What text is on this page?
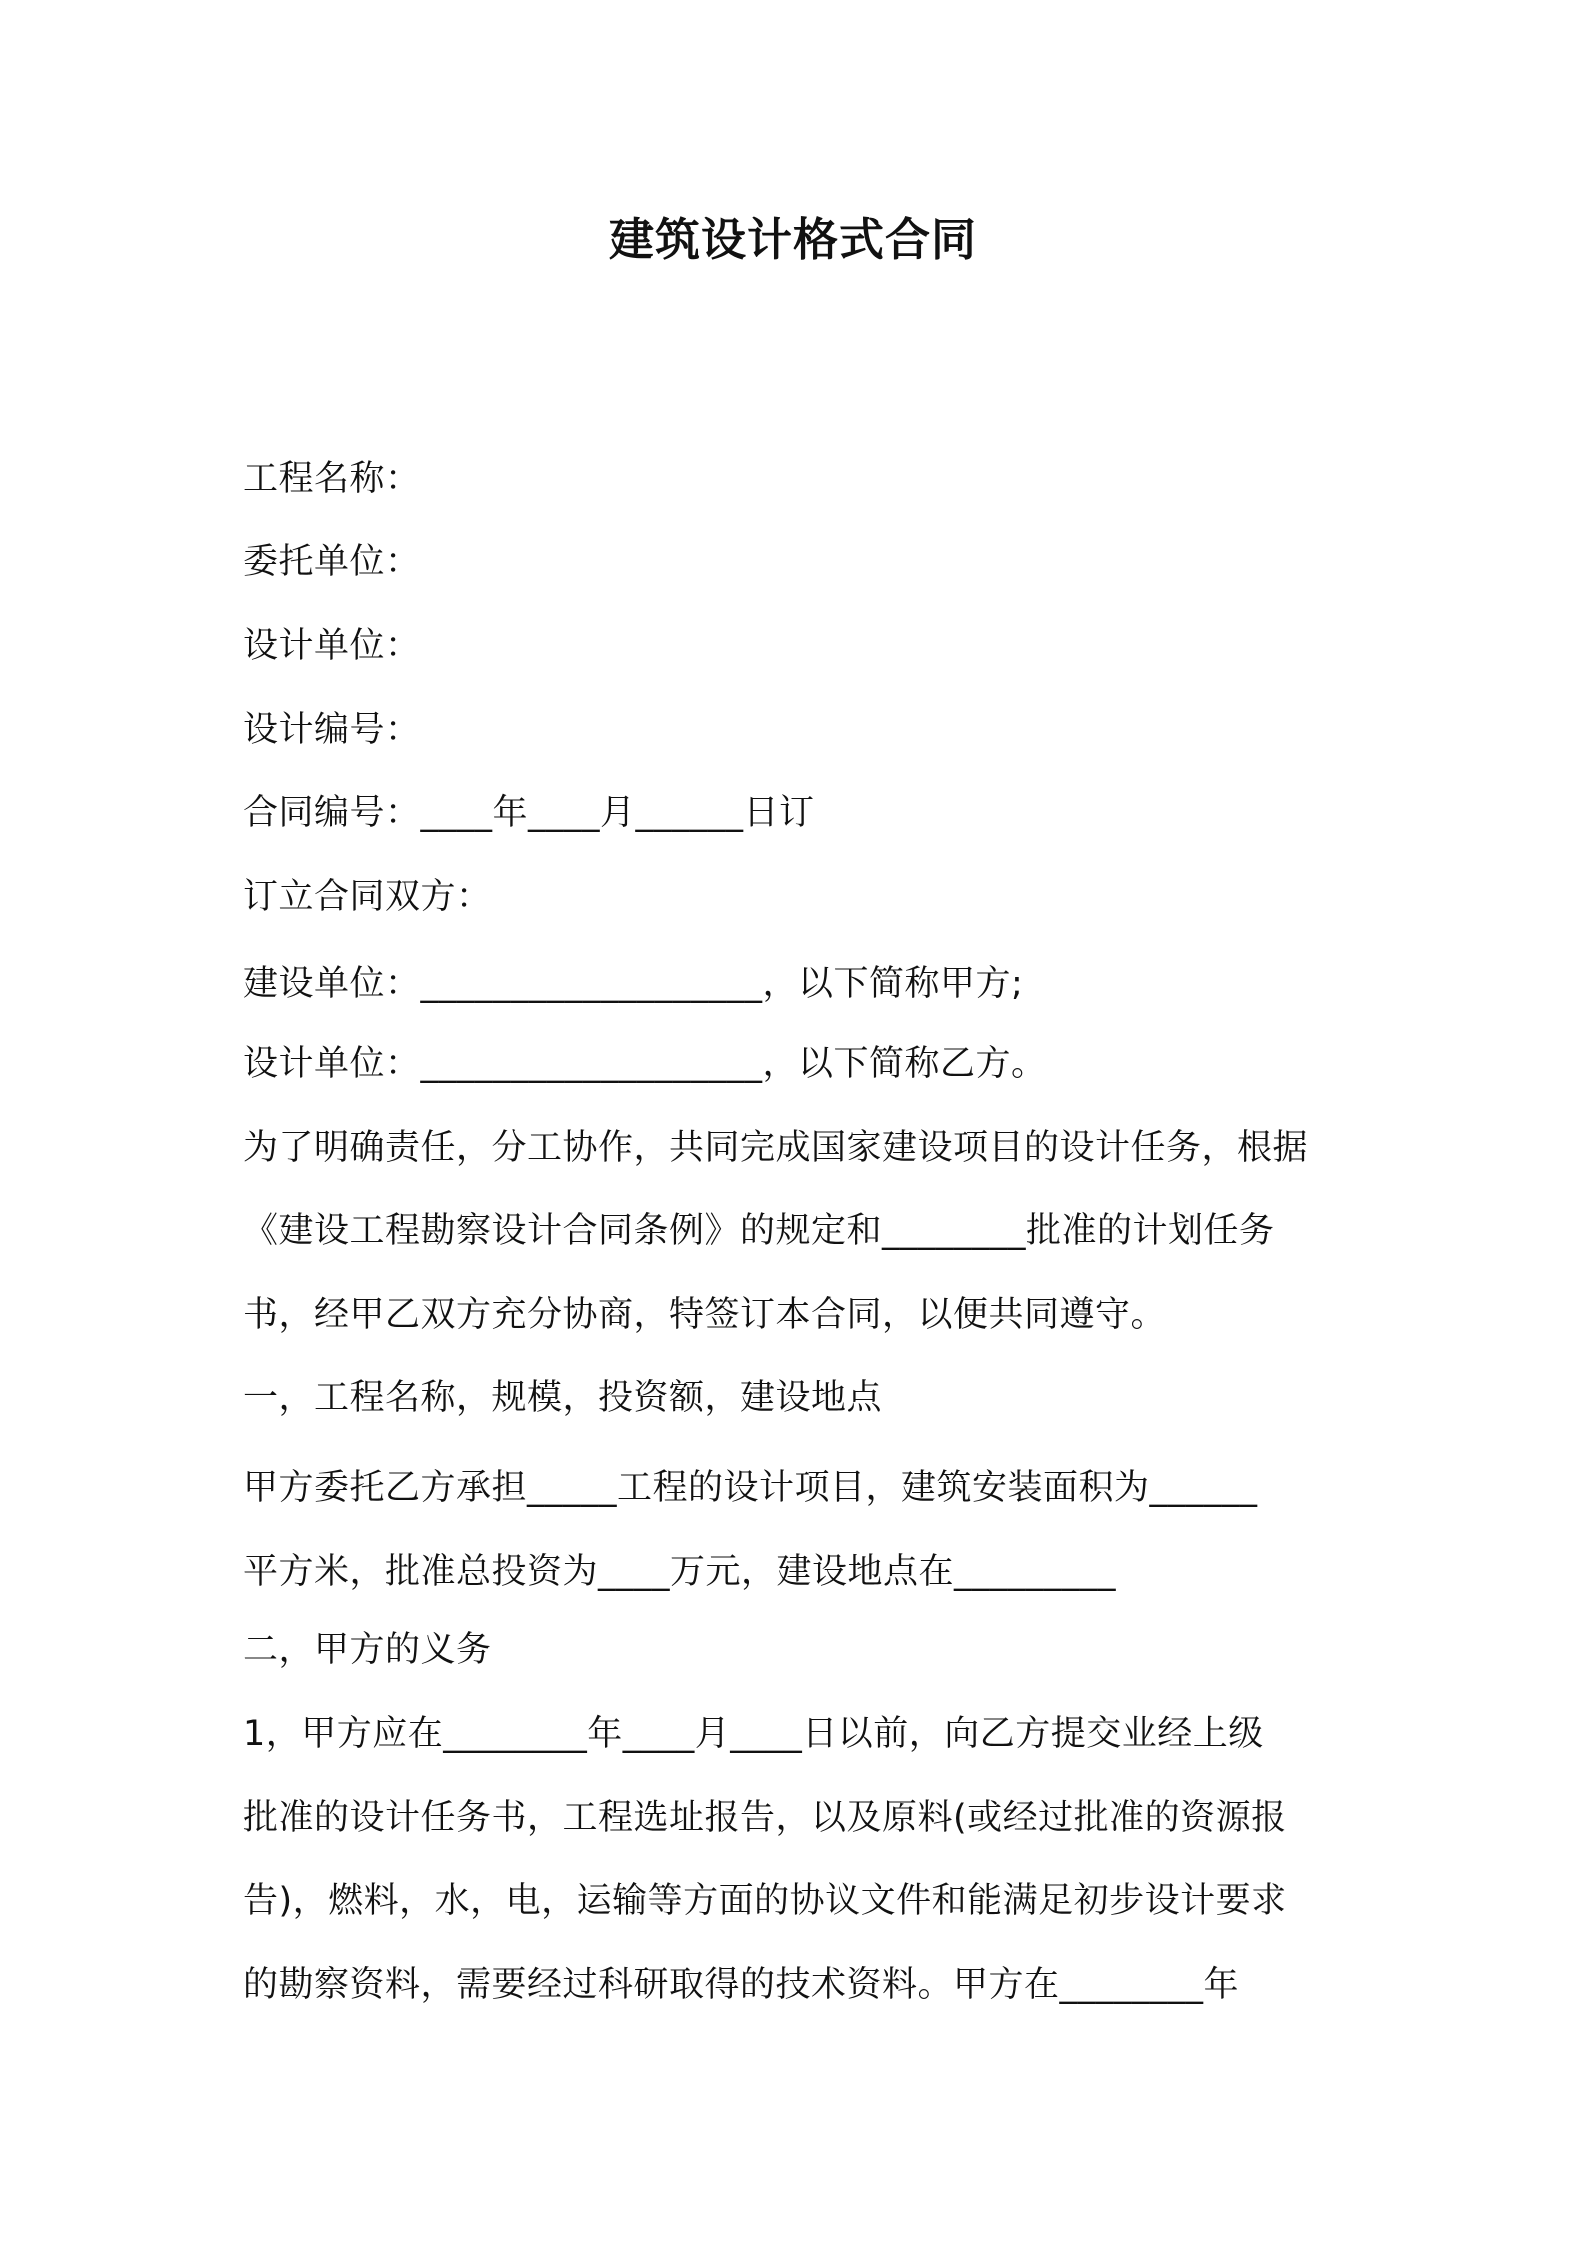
建筑设计格式合同
工程名称：
委托单位：
设计单位：
设计编号：
合同编号：____年____月______日订
订立合同双方：
建设单位：___________________，以下简称甲方;
设计单位：___________________，以下简称乙方。
为了明确责任，分工协作，共同完成国家建设项目的设计任务，根据
《建设工程勘察设计合同条例》的规定和________批准的计划任务
书，经甲乙双方充分协商，特签订本合同，以便共同遵守。
一，工程名称，规模，投资额，建设地点
甲方委托乙方承担_____工程的设计项目，建筑安装面积为______
平方米，批准总投资为____万元，建设地点在_________
二，甲方的义务
1，甲方应在________年____月____日以前，向乙方提交业经上级
批准的设计任务书，工程选址报告，以及原料(或经过批准的资源报
告)，燃料，水，电，运输等方面的协议文件和能满足初步设计要求
的勘察资料，需要经过科研取得的技术资料。甲方在________年
